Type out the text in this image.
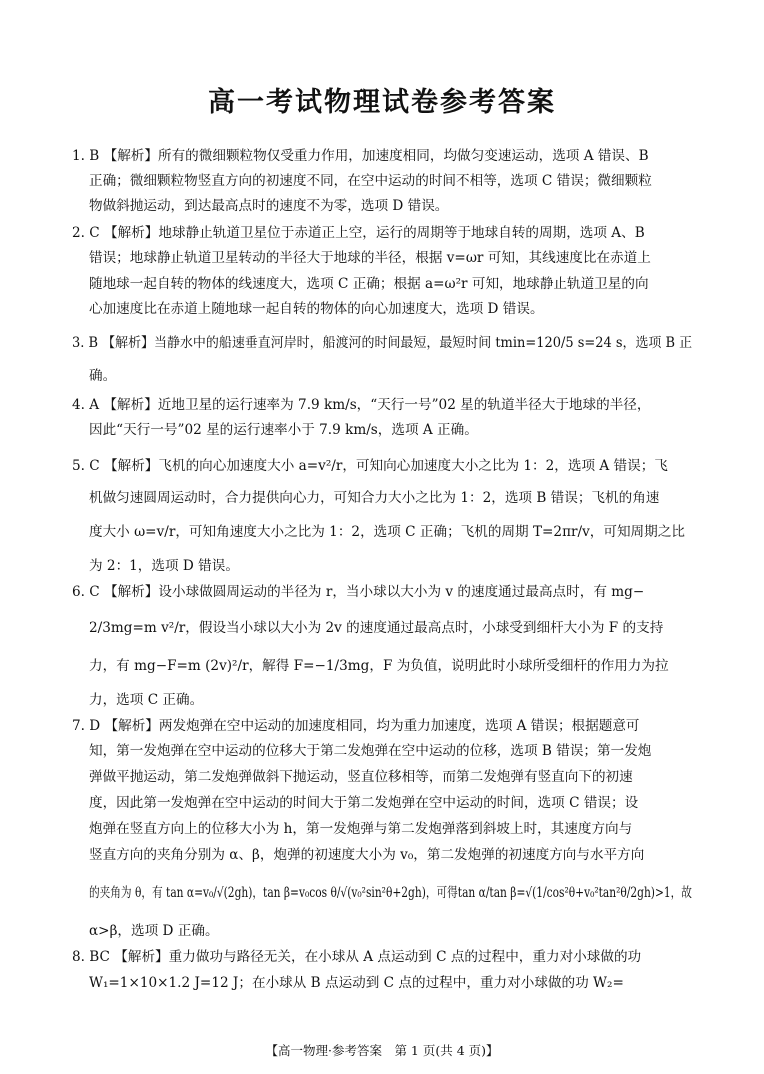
高一考试物理试卷参考答案
1. B 【解析】所有的微细颗粒物仅受重力作用，加速度相同，均做匀变速运动，选项 A 错误、B
正确；微细颗粒物竖直方向的初速度不同，在空中运动的时间不相等，选项 C 错误；微细颗粒
物做斜抛运动，到达最高点时的速度不为零，选项 D 错误。
2. C 【解析】地球静止轨道卫星位于赤道正上空，运行的周期等于地球自转的周期，选项 A、B
错误；地球静止轨道卫星转动的半径大于地球的半径，根据 v=ωr 可知，其线速度比在赤道上
随地球一起自转的物体的线速度大，选项 C 正确；根据 a=ω²r 可知，地球静止轨道卫星的向
心加速度比在赤道上随地球一起自转的物体的向心加速度大，选项 D 错误。
3. B 【解析】当静水中的船速垂直河岸时，船渡河的时间最短，最短时间 tmin=120/5 s=24 s，选项 B 正
确。
4. A 【解析】近地卫星的运行速率为 7.9 km/s，“天行一号”02 星的轨道半径大于地球的半径，
因此“天行一号”02 星的运行速率小于 7.9 km/s，选项 A 正确。
5. C 【解析】飞机的向心加速度大小 a=v²/r，可知向心加速度大小之比为 1：2，选项 A 错误；飞
机做匀速圆周运动时，合力提供向心力，可知合力大小之比为 1：2，选项 B 错误；飞机的角速
度大小 ω=v/r，可知角速度大小之比为 1：2，选项 C 正确；飞机的周期 T=2πr/v，可知周期之比
为 2：1，选项 D 错误。
6. C 【解析】设小球做圆周运动的半径为 r，当小球以大小为 v 的速度通过最高点时，有 mg−
2/3mg=m v²/r，假设当小球以大小为 2v 的速度通过最高点时，小球受到细杆大小为 F 的支持
力，有 mg−F=m (2v)²/r，解得 F=−1/3mg，F 为负值，说明此时小球所受细杆的作用力为拉
力，选项 C 正确。
7. D 【解析】两发炮弹在空中运动的加速度相同，均为重力加速度，选项 A 错误；根据题意可
知，第一发炮弹在空中运动的位移大于第二发炮弹在空中运动的位移，选项 B 错误；第一发炮
弹做平抛运动，第二发炮弹做斜下抛运动，竖直位移相等，而第二发炮弹有竖直向下的初速
度，因此第一发炮弹在空中运动的时间大于第二发炮弹在空中运动的时间，选项 C 错误；设
炮弹在竖直方向上的位移大小为 h，第一发炮弹与第二发炮弹落到斜坡上时，其速度方向与
竖直方向的夹角分别为 α、β，炮弹的初速度大小为 v₀，第二发炮弹的初速度方向与水平方向
的夹角为 θ，有 tan α=v₀/√(2gh)，tan β=v₀cos θ/√(v₀²sin²θ+2gh)，可得tan α/tan β=√(1/cos²θ+v₀²tan²θ/2gh)>1，故
α>β，选项 D 正确。
8. BC 【解析】重力做功与路径无关，在小球从 A 点运动到 C 点的过程中，重力对小球做的功
W₁=1×10×1.2 J=12 J；在小球从 B 点运动到 C 点的过程中，重力对小球做的功 W₂=
【高一物理·参考答案　第 1 页(共 4 页)】
